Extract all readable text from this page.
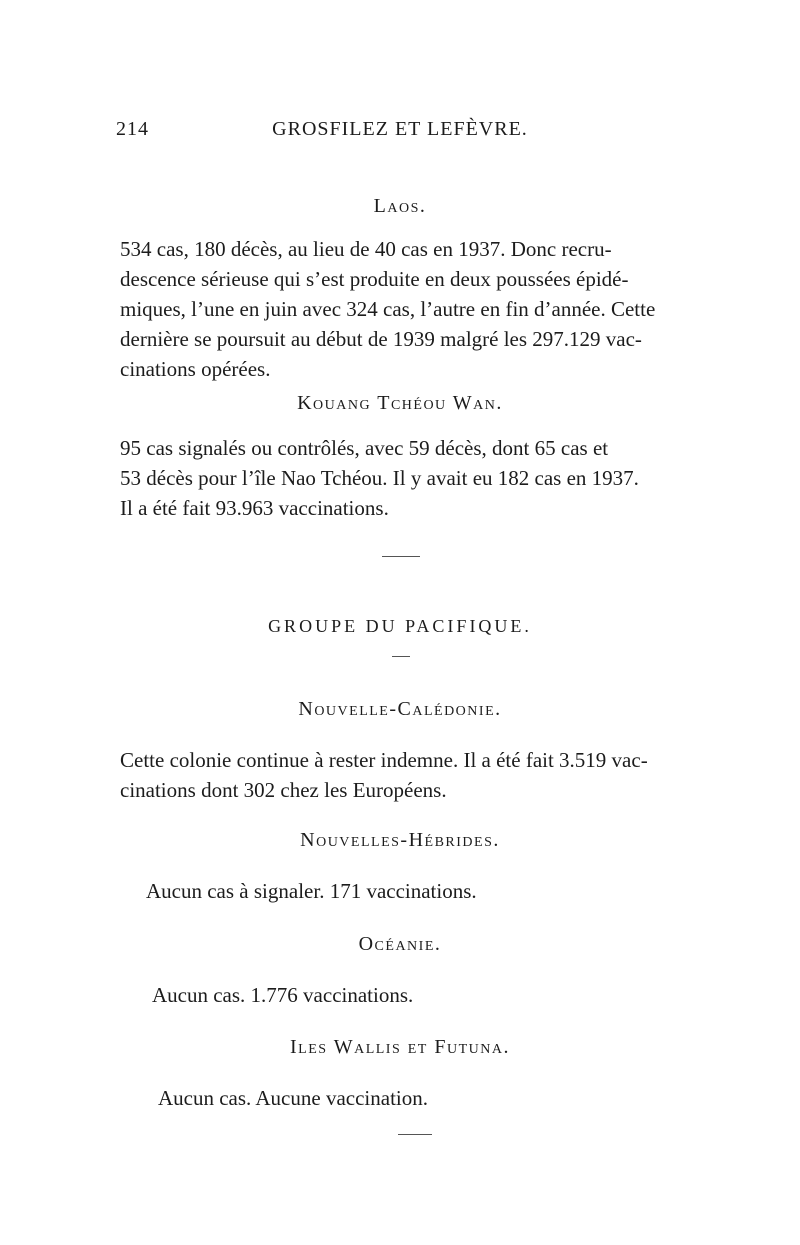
214	GROSFILEZ ET LEFÈVRE.
Laos.
534 cas, 180 décès, au lieu de 40 cas en 1937. Donc recru-
descence sérieuse qui s’est produite en deux poussées épidé-
miques, l’une en juin avec 324 cas, l’autre en fin d’année. Cette
dernière se poursuit au début de 1939 malgré les 297.129 vac-
cinations opérées.
Kouang Tchéou Wan.
95 cas signalés ou contrôlés, avec 59 décès, dont 65 cas et
53 décès pour l’île Nao Tchéou. Il y avait eu 182 cas en 1937.
Il a été fait 93.963 vaccinations.
GROUPE DU PACIFIQUE.
Nouvelle-Calédonie.
Cette colonie continue à rester indemne. Il a été fait 3.519 vac-
cinations dont 302 chez les Européens.
Nouvelles-Hébrides.
Aucun cas à signaler. 171 vaccinations.
Océanie.
Aucun cas. 1.776 vaccinations.
Iles Wallis et Futuna.
Aucun cas. Aucune vaccination.
